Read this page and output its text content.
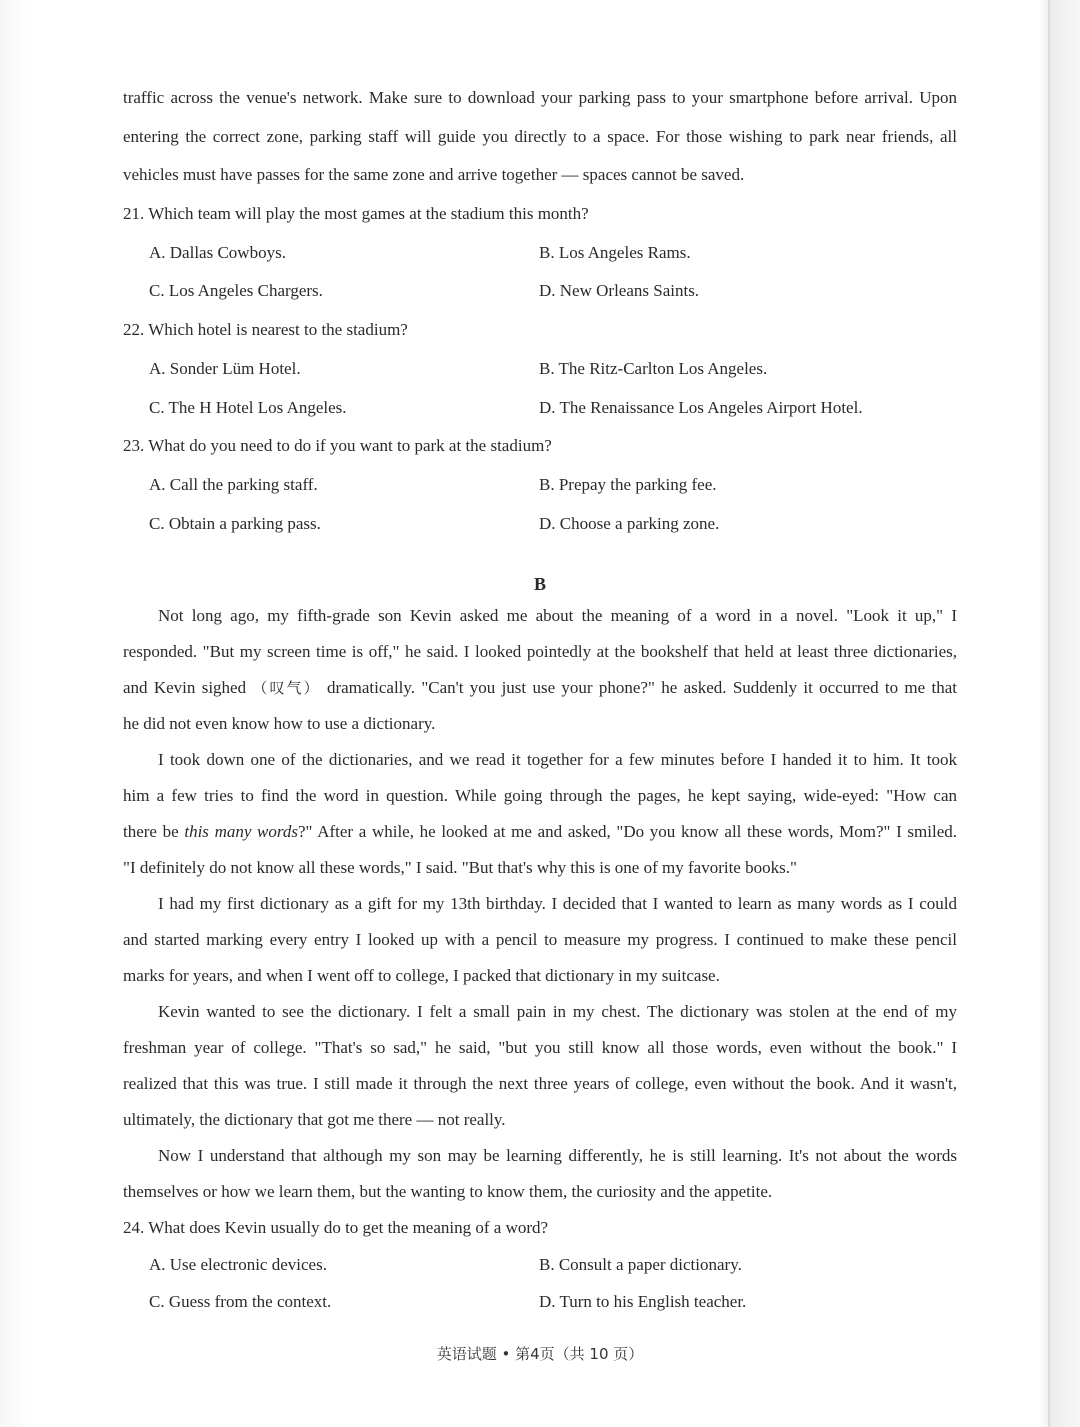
traffic across the venue's network. Make sure to download your parking pass to your smartphone before arrival. Upon
entering the correct zone, parking staff will guide you directly to a space. For those wishing to park near friends, all
vehicles must have passes for the same zone and arrive together — spaces cannot be saved.
21. Which team will play the most games at the stadium this month?
A. Dallas Cowboys.	B. Los Angeles Rams.
C. Los Angeles Chargers.	D. New Orleans Saints.
22. Which hotel is nearest to the stadium?
A. Sonder Lüm Hotel.	B. The Ritz-Carlton Los Angeles.
C. The H Hotel Los Angeles.	D. The Renaissance Los Angeles Airport Hotel.
23. What do you need to do if you want to park at the stadium?
A. Call the parking staff.	B. Prepay the parking fee.
C. Obtain a parking pass.	D. Choose a parking zone.
B
Not long ago, my fifth-grade son Kevin asked me about the meaning of a word in a novel. "Look it up," I
responded. "But my screen time is off," he said. I looked pointedly at the bookshelf that held at least three dictionaries,
and Kevin sighed （叹气） dramatically. "Can't you just use your phone?" he asked. Suddenly it occurred to me that
he did not even know how to use a dictionary.
I took down one of the dictionaries, and we read it together for a few minutes before I handed it to him. It took
him a few tries to find the word in question. While going through the pages, he kept saying, wide-eyed: "How can
there be this many words?" After a while, he looked at me and asked, "Do you know all these words, Mom?" I smiled.
"I definitely do not know all these words," I said. "But that's why this is one of my favorite books."
I had my first dictionary as a gift for my 13th birthday. I decided that I wanted to learn as many words as I could
and started marking every entry I looked up with a pencil to measure my progress. I continued to make these pencil
marks for years, and when I went off to college, I packed that dictionary in my suitcase.
Kevin wanted to see the dictionary. I felt a small pain in my chest. The dictionary was stolen at the end of my
freshman year of college. "That's so sad," he said, "but you still know all those words, even without the book." I
realized that this was true. I still made it through the next three years of college, even without the book. And it wasn't,
ultimately, the dictionary that got me there — not really.
Now I understand that although my son may be learning differently, he is still learning. It's not about the words
themselves or how we learn them, but the wanting to know them, the curiosity and the appetite.
24. What does Kevin usually do to get the meaning of a word?
A. Use electronic devices.	B. Consult a paper dictionary.
C. Guess from the context.	D. Turn to his English teacher.
英语试题 • 第4页（共 10 页）
